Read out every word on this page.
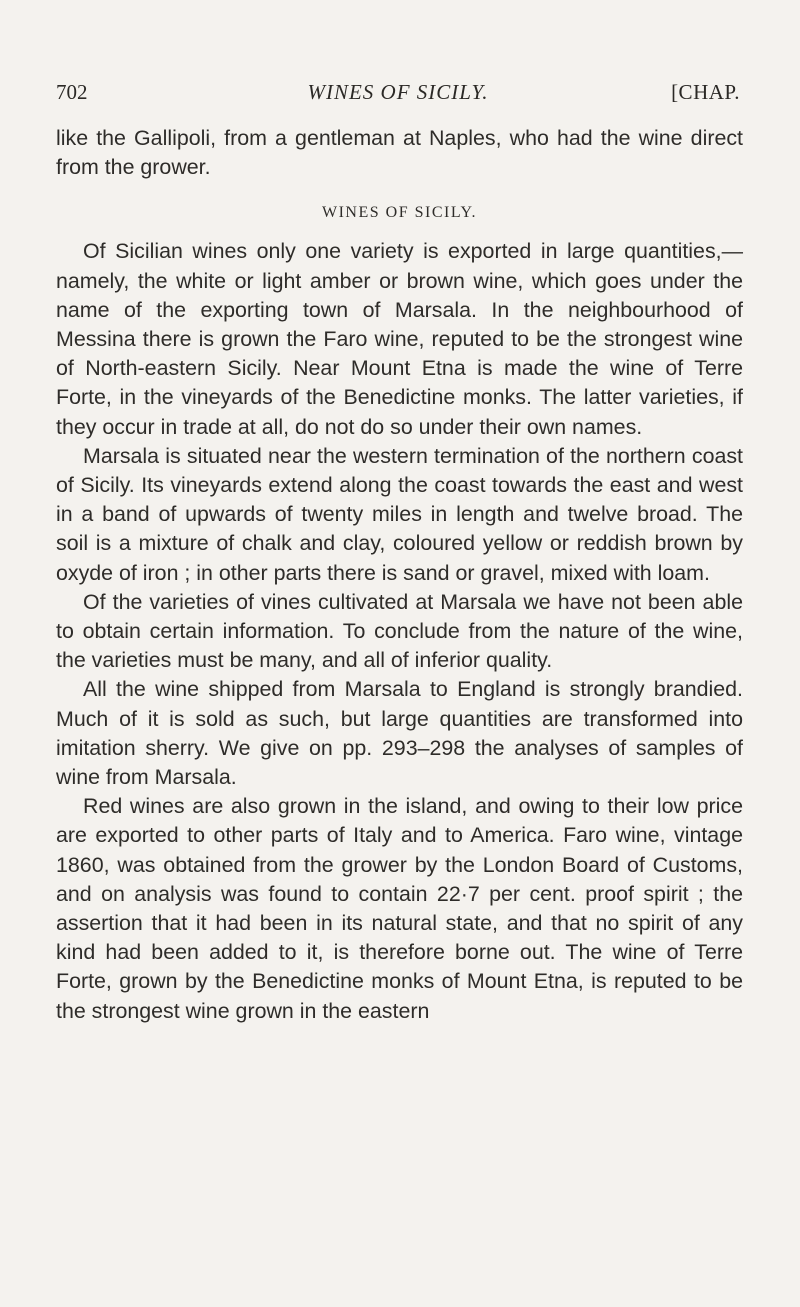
702	WINES OF SICILY.	[CHAP.

like the Gallipoli, from a gentleman at Naples, who had the wine direct from the grower.

WINES OF SICILY.

Of Sicilian wines only one variety is exported in large quantities,—namely, the white or light amber or brown wine, which goes under the name of the exporting town of Marsala. In the neighbourhood of Messina there is grown the Faro wine, reputed to be the strongest wine of North-eastern Sicily. Near Mount Etna is made the wine of Terre Forte, in the vineyards of the Benedictine monks. The latter varieties, if they occur in trade at all, do not do so under their own names.

Marsala is situated near the western termination of the northern coast of Sicily. Its vineyards extend along the coast towards the east and west in a band of upwards of twenty miles in length and twelve broad. The soil is a mixture of chalk and clay, coloured yellow or reddish brown by oxyde of iron ; in other parts there is sand or gravel, mixed with loam.

Of the varieties of vines cultivated at Marsala we have not been able to obtain certain information. To conclude from the nature of the wine, the varieties must be many, and all of inferior quality.

All the wine shipped from Marsala to England is strongly brandied. Much of it is sold as such, but large quantities are transformed into imitation sherry. We give on pp. 293–298 the analyses of samples of wine from Marsala.

Red wines are also grown in the island, and owing to their low price are exported to other parts of Italy and to America. Faro wine, vintage 1860, was obtained from the grower by the London Board of Customs, and on analysis was found to contain 22·7 per cent. proof spirit ; the assertion that it had been in its natural state, and that no spirit of any kind had been added to it, is therefore borne out. The wine of Terre Forte, grown by the Benedictine monks of Mount Etna, is reputed to be the strongest wine grown in the eastern
